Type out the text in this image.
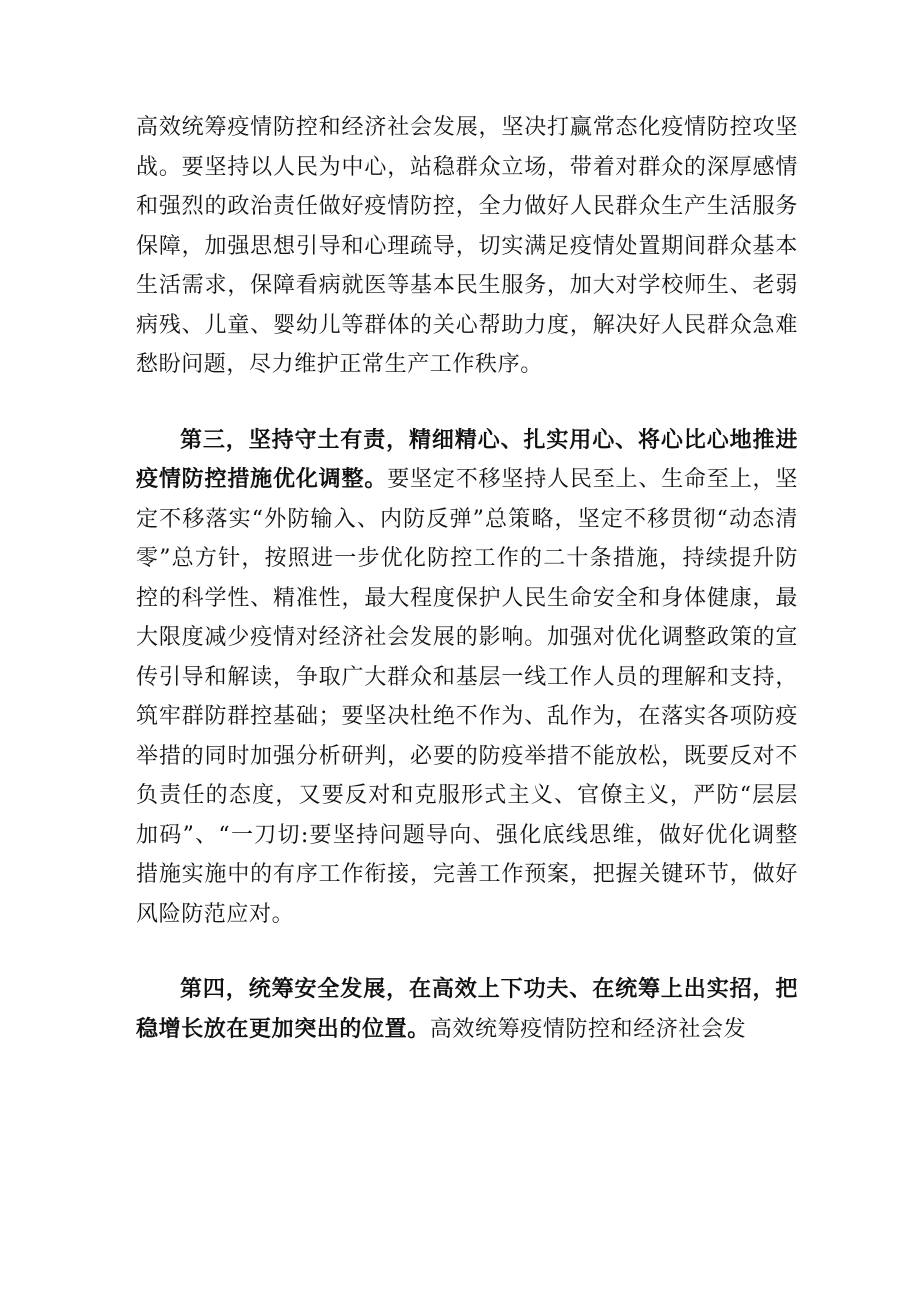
高效统筹疫情防控和经济社会发展，坚决打赢常态化疫情防控攻坚战。要坚持以人民为中心，站稳群众立场，带着对群众的深厚感情和强烈的政治责任做好疫情防控，全力做好人民群众生产生活服务保障，加强思想引导和心理疏导，切实满足疫情处置期间群众基本生活需求，保障看病就医等基本民生服务，加大对学校师生、老弱病残、儿童、婴幼儿等群体的关心帮助力度，解决好人民群众急难愁盼问题，尽力维护正常生产工作秩序。

第三，坚持守土有责，精细精心、扎实用心、将心比心地推进疫情防控措施优化调整。要坚定不移坚持人民至上、生命至上，坚定不移落实“外防输入、内防反弹”总策略，坚定不移贯彻“动态清零”总方针，按照进一步优化防控工作的二十条措施，持续提升防控的科学性、精准性，最大程度保护人民生命安全和身体健康，最大限度减少疫情对经济社会发展的影响。加强对优化调整政策的宣传引导和解读，争取广大群众和基层一线工作人员的理解和支持，筑牢群防群控基础；要坚决杜绝不作为、乱作为，在落实各项防疫举措的同时加强分析研判，必要的防疫举措不能放松，既要反对不负责任的态度，又要反对和克服形式主义、官僚主义，严防“层层加码”、“一刀切:要坚持问题导向、强化底线思维，做好优化调整措施实施中的有序工作衔接，完善工作预案，把握关键环节，做好风险防范应对。

第四，统筹安全发展，在高效上下功夫、在统筹上出实招，把稳增长放在更加突出的位置。高效统筹疫情防控和经济社会发
